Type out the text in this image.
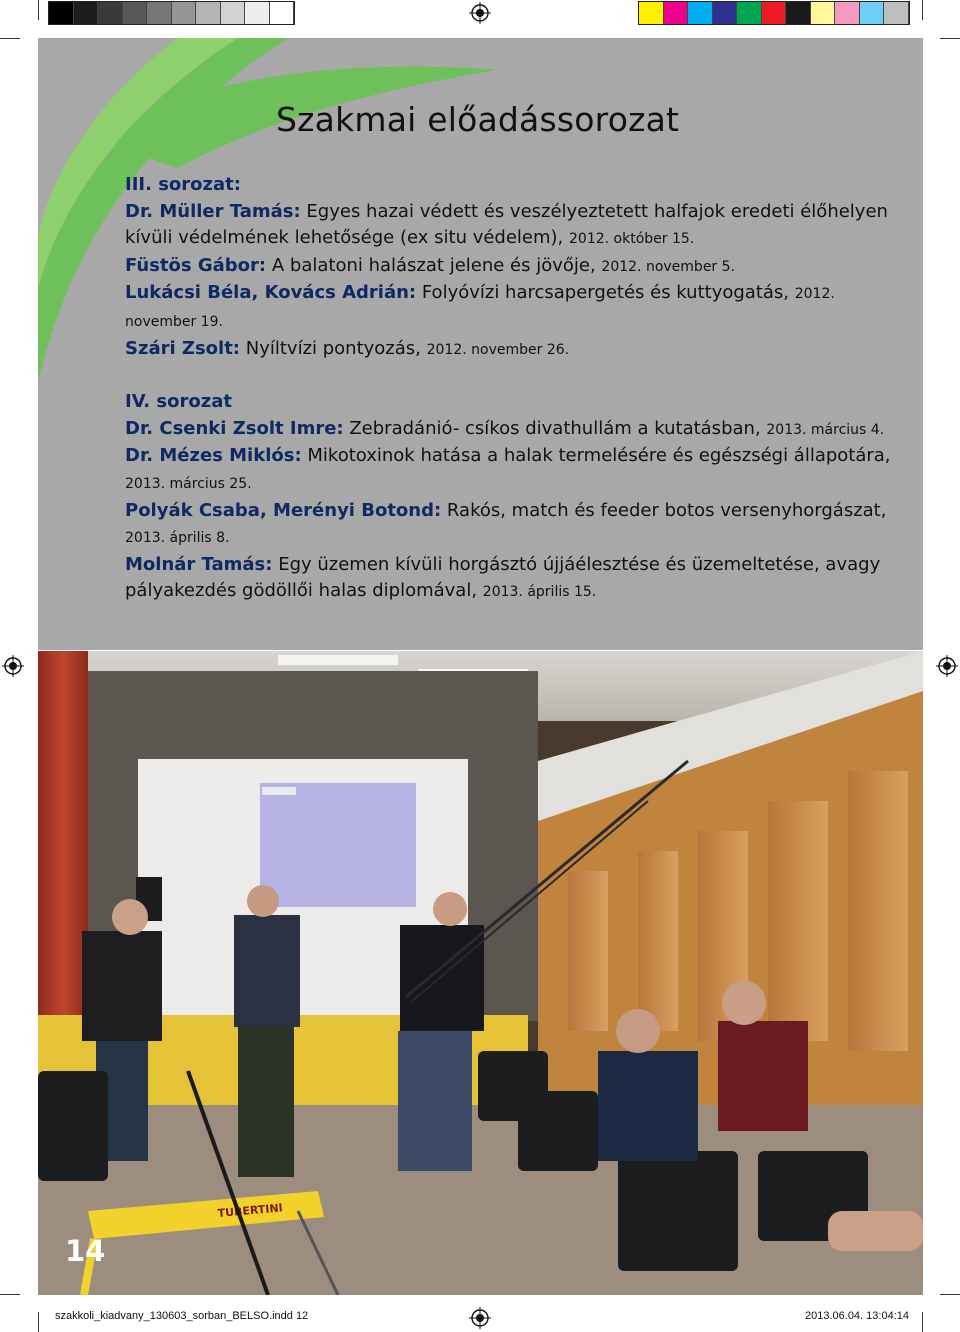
Szakmai előadássorozat

III. sorozat:

Dr. Müller Tamás: Egyes hazai védett és veszélyeztetett halfajok eredeti élőhelyen kívüli védelmének lehetősége (ex situ védelem), 2012. október 15.

Füstös Gábor: A balatoni halászat jelene és jövője, 2012. november 5.

Lukácsi Béla, Kovács Adrián: Folyóvízi harcsapergetés és kuttyogatás, 2012. november 19.

Szári Zsolt: Nyíltvízi pontyozás, 2012. november 26.

IV. sorozat

Dr. Csenki Zsolt Imre: Zebradánió- csíkos divathullám a kutatásban, 2013. március 4.

Dr. Mézes Miklós: Mikotoxinok hatása a halak termelésére és egészségi állapotára, 2013. március 25.

Polyák Csaba, Merényi Botond: Rakós, match és feeder botos versenyhorgászat, 2013. április 8.

Molnár Tamás: Egy üzemen kívüli horgásztó újjáélesztése és üzemeltetése, avagy pályakezdés gödöllői halas diplomával, 2013. április 15.

TUBERTINI
14
szakkoli_kiadvany_130603_sorban_BELSO.indd 12	2013.06.04. 13:04:14
